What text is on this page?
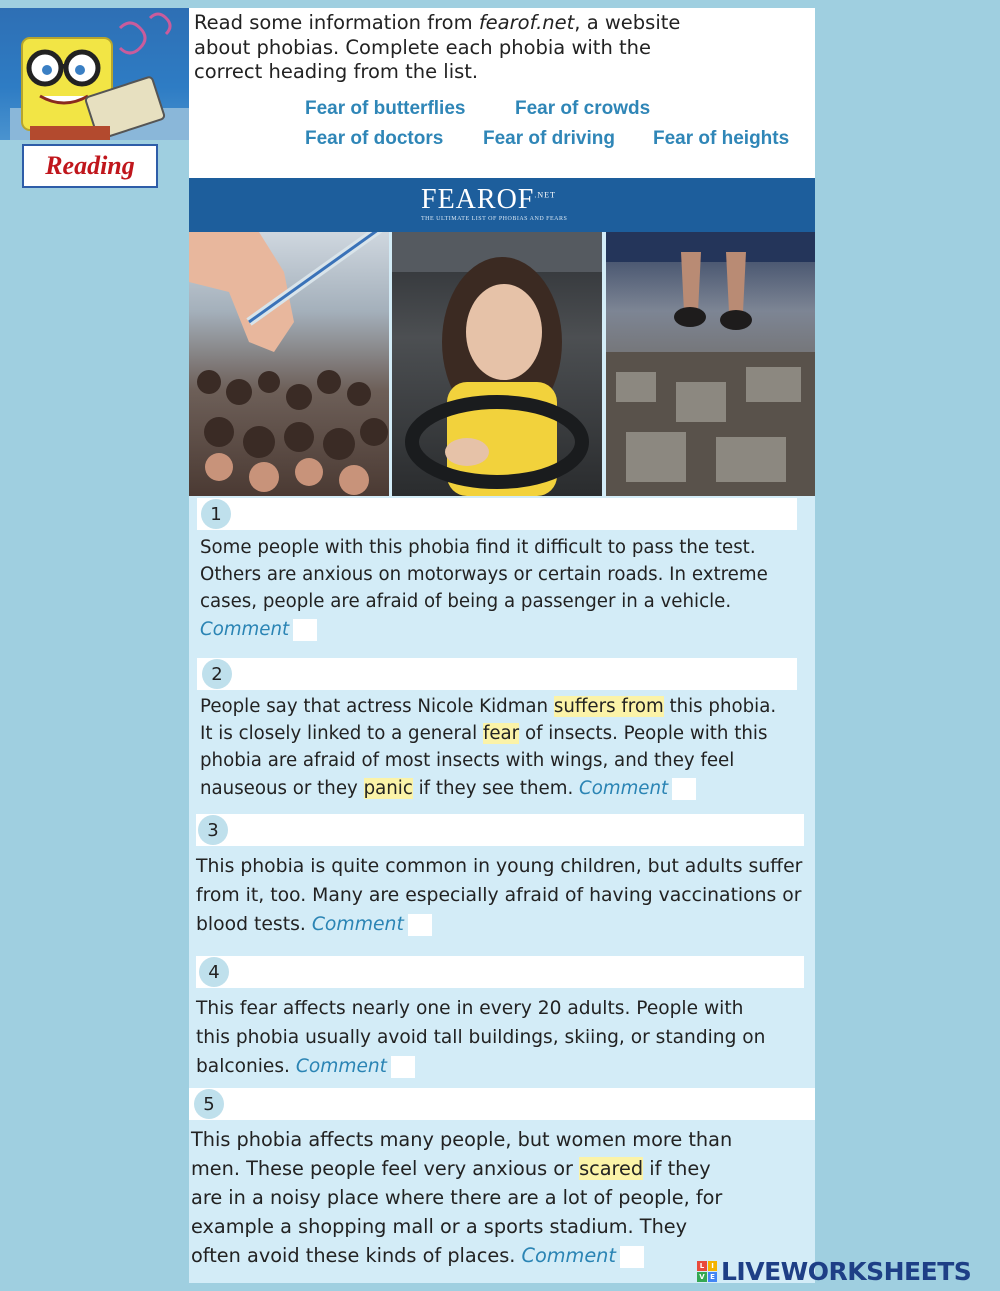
Reading
Read some information from fearof.net, a website
about phobias. Complete each phobia with the
correct heading from the list.
Fear of butterflies	Fear of crowds
Fear of doctors Fear of driving Fear of heights
$FEAROF^{.NET}$
THE ULTIMATE LIST OF PHOBIAS AND FEARS
1
Some people with this phobia find it difficult to pass the test.
Others are anxious on motorways or certain roads. In extreme
cases, people are afraid of being a passenger in a vehicle.
Comment
2
People say that actress Nicole Kidman suffers from this phobia.
It is closely linked to a general fear of insects. People with this
phobia are afraid of most insects with wings, and they feel
nauseous or they panic if they see them. Comment
3
This phobia is quite common in young children, but adults suffer
from it, too. Many are especially afraid of having vaccinations or
blood tests. Comment
4
This fear affects nearly one in every 20 adults. People with
this phobia usually avoid tall buildings, skiing, or standing on
balconies. Comment
5
This phobia affects many people, but women more than
men. These people feel very anxious or scared if they
are in a noisy place where there are a lot of people, for
example a shopping mall or a sports stadium. They
often avoid these kinds of places. Comment	L	I
V E LIVEWORKSHEETS
